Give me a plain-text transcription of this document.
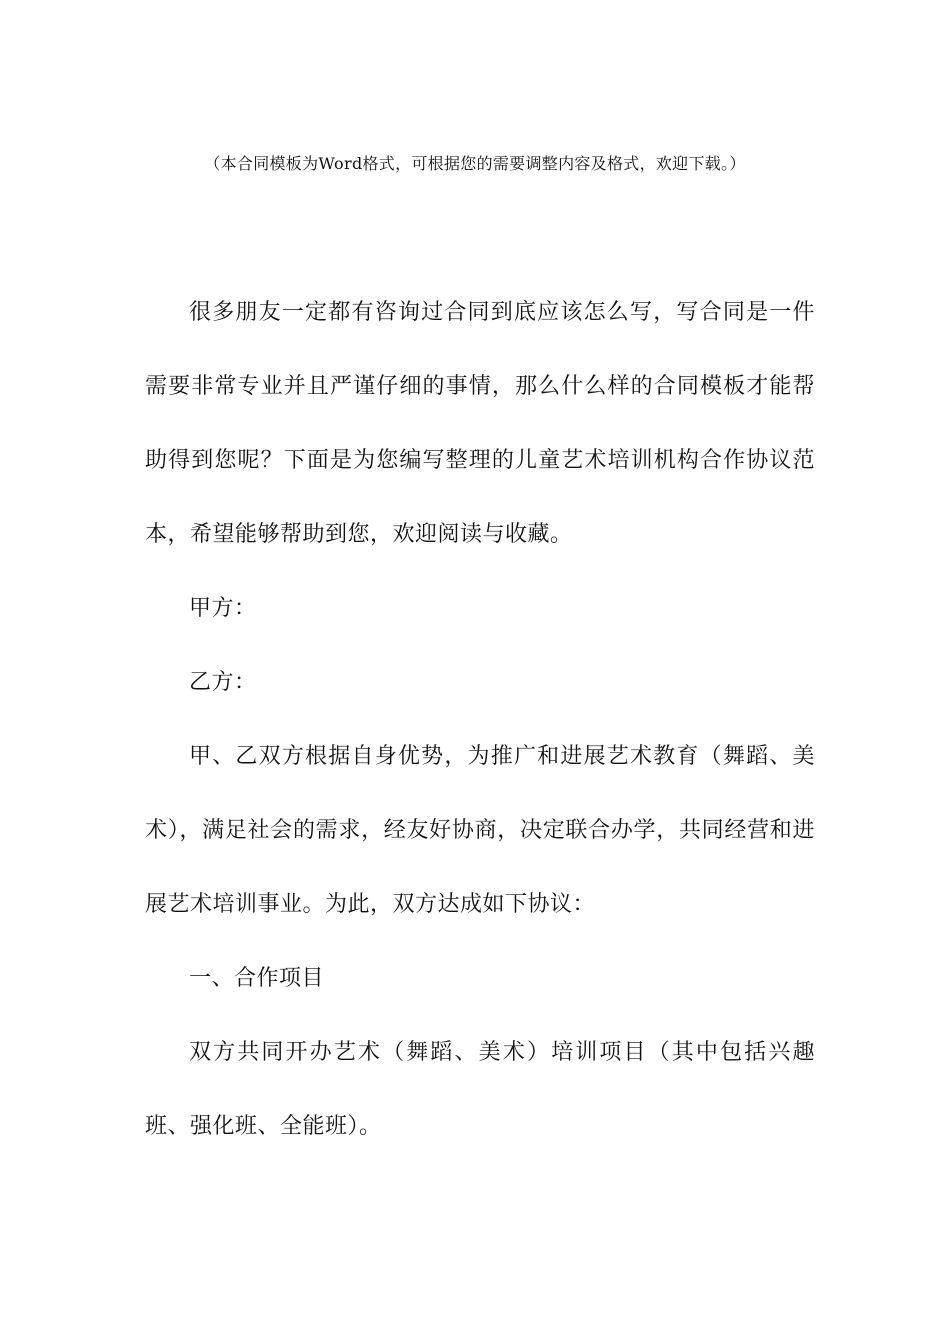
（本合同模板为Word格式，可根据您的需要调整内容及格式，欢迎下载。）

很多朋友一定都有咨询过合同到底应该怎么写，写合同是一件需要非常专业并且严谨仔细的事情，那么什么样的合同模板才能帮助得到您呢？下面是为您编写整理的儿童艺术培训机构合作协议范本，希望能够帮助到您，欢迎阅读与收藏。

甲方：

乙方：

甲、乙双方根据自身优势，为推广和进展艺术教育（舞蹈、美术），满足社会的需求，经友好协商，决定联合办学，共同经营和进展艺术培训事业。为此，双方达成如下协议：

一、合作项目

双方共同开办艺术（舞蹈、美术）培训项目（其中包括兴趣班、强化班、全能班）。
